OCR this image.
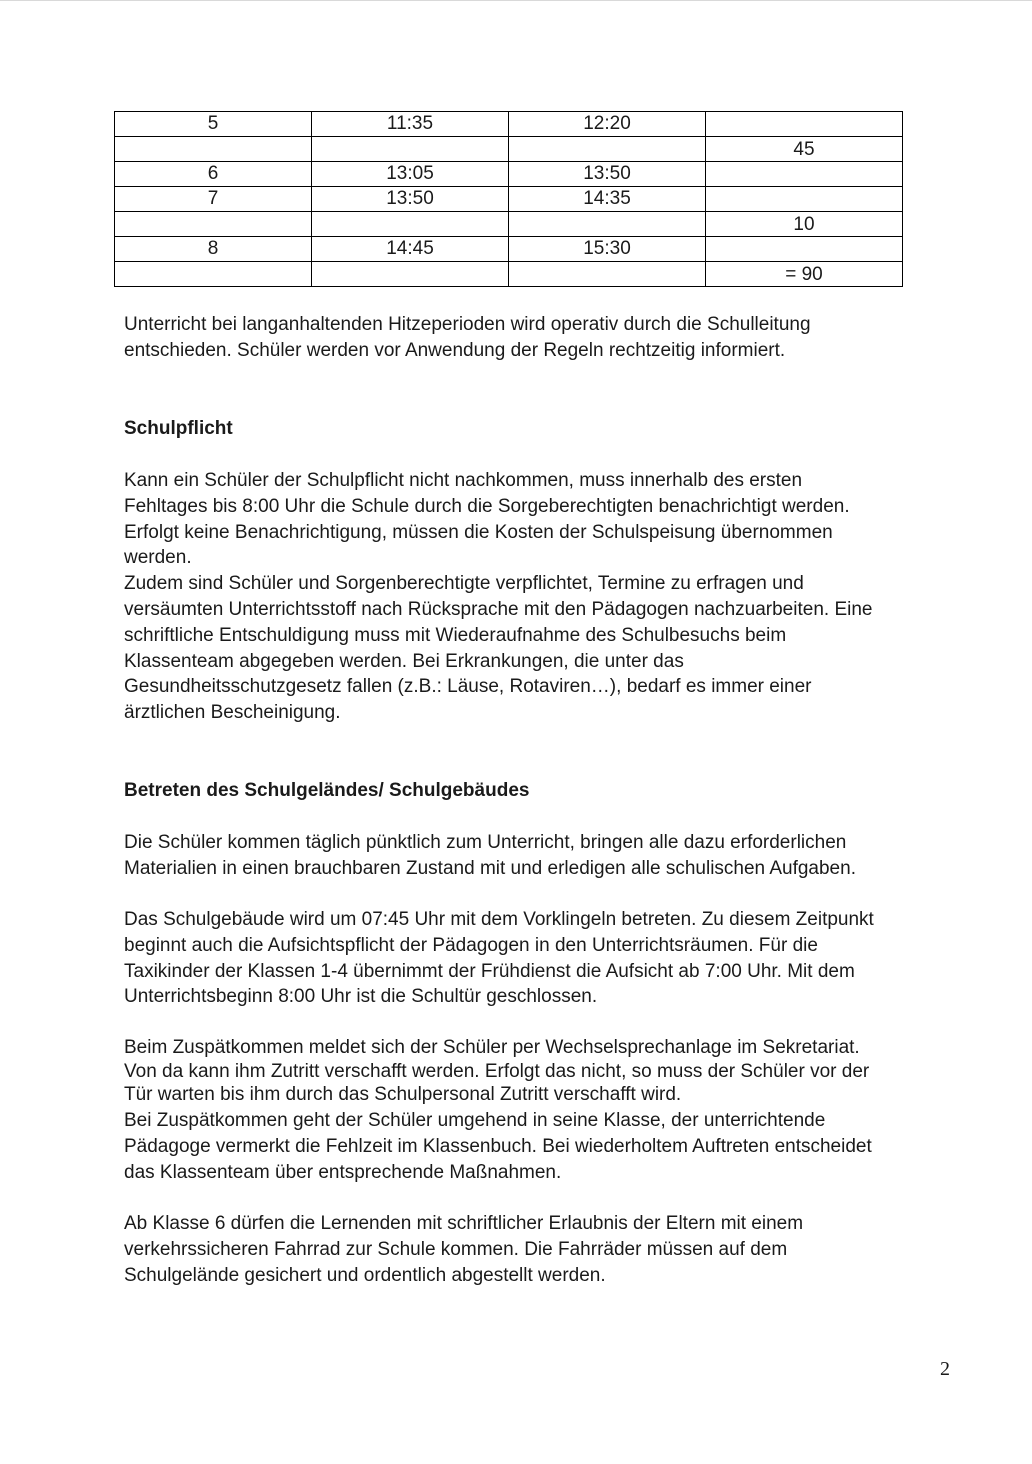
5	11:35	12:20	
			45
6	13:05	13:50	
7	13:50	14:35	
			10
8	14:45	15:30	
			= 90

Unterricht bei langanhaltenden Hitzeperioden wird operativ durch die Schulleitung

entschieden. Schüler werden vor Anwendung der Regeln rechtzeitig informiert.

Schulpflicht

Kann ein Schüler der Schulpflicht nicht nachkommen, muss innerhalb des ersten

Fehltages bis 8:00 Uhr die Schule durch die Sorgeberechtigten benachrichtigt werden.

Erfolgt keine Benachrichtigung, müssen die Kosten der Schulspeisung übernommen

werden.

Zudem sind Schüler und Sorgenberechtigte verpflichtet, Termine zu erfragen und

versäumten Unterrichtsstoff nach Rücksprache mit den Pädagogen nachzuarbeiten. Eine

schriftliche Entschuldigung muss mit Wiederaufnahme des Schulbesuchs beim

Klassenteam abgegeben werden. Bei Erkrankungen, die unter das

Gesundheitsschutzgesetz fallen (z.B.: Läuse, Rotaviren…), bedarf es immer einer

ärztlichen Bescheinigung.

Betreten des Schulgeländes/ Schulgebäudes

Die Schüler kommen täglich pünktlich zum Unterricht, bringen alle dazu erforderlichen

Materialien in einen brauchbaren Zustand mit und erledigen alle schulischen Aufgaben.

Das Schulgebäude wird um 07:45 Uhr mit dem Vorklingeln betreten. Zu diesem Zeitpunkt

beginnt auch die Aufsichtspflicht der Pädagogen in den Unterrichtsräumen. Für die

Taxikinder der Klassen 1-4 übernimmt der Frühdienst die Aufsicht ab 7:00 Uhr. Mit dem

Unterrichtsbeginn 8:00 Uhr ist die Schultür geschlossen.

Beim Zuspätkommen meldet sich der Schüler per Wechselsprechanlage im Sekretariat.

Von da kann ihm Zutritt verschafft werden. Erfolgt das nicht, so muss der Schüler vor der

Tür warten bis ihm durch das Schulpersonal Zutritt verschafft wird.

Bei Zuspätkommen geht der Schüler umgehend in seine Klasse, der unterrichtende

Pädagoge vermerkt die Fehlzeit im Klassenbuch. Bei wiederholtem Auftreten entscheidet

das Klassenteam über entsprechende Maßnahmen.

Ab Klasse 6 dürfen die Lernenden mit schriftlicher Erlaubnis der Eltern mit einem

verkehrssicheren Fahrrad zur Schule kommen. Die Fahrräder müssen auf dem

Schulgelände gesichert und ordentlich abgestellt werden.

2
